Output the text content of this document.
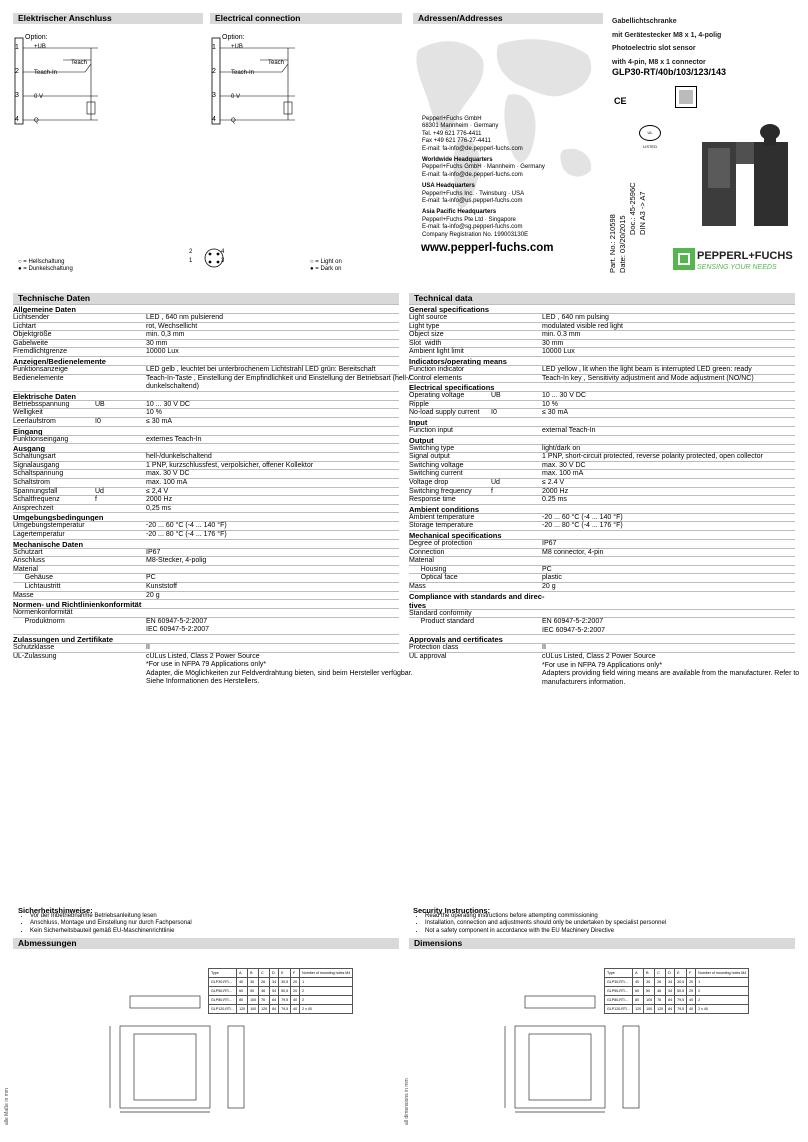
Elektrischer Anschluss	Electrical connection	Adressen/Addresses
Option:
1
2
3
4
+UB
Teach-In
0 V
Q
Teach
Option:
1
2
3
4
+UB
Teach-In
0 V
Q
Teach
○ = Hellschaltung
● = Dunkelschaltung
○ = Light on
● = Dark on
2
1
4
3
Pepperl+Fuchs GmbH
68301 Mannheim · Germany
Tel. +49 621 776-4411
Fax +49 621 776-27-4411
E-mail: fa-info@de.pepperl-fuchs.com
Worldwide Headquarters
Pepperl+Fuchs GmbH · Mannheim · Germany
E-mail: fa-info@de.pepperl-fuchs.com
USA Headquarters
Pepperl+Fuchs Inc. · Twinsburg · USA
E-mail: fa-info@us.pepperl-fuchs.com
Asia Pacific Headquarters
Pepperl+Fuchs Pte Ltd · Singapore
E-mail: fa-info@sg.pepperl-fuchs.com
Company Registration No. 199003130E
www.pepperl-fuchs.com
Gabellichtschranke
mit Gerätestecker M8 x 1, 4-polig
Photoelectric slot sensor
with 4-pin, M8 x 1 connector
GLP30-RT/40b/103/123/143
CE
UL LISTED
Part. No.: 210598
Date: 03/20/2015 Doc.: 45-2596C
DIN A3 -> A7
PEPPERL+FUCHS
SENSING YOUR NEEDS
Technische Daten	Technical data
Allgemeine Daten
Lichtsender	LED , 640 nm pulsierend
Lichtart	rot, Wechsellicht
Objektgröße	min. 0,3 mm
Gabelweite	30 mm
Fremdlichtgrenze	10000 Lux
Anzeigen/Bedienelemente
Funktionsanzeige	LED gelb , leuchtet bei unterbrochenem Lichtstrahl LED grün: Bereitschaft
Bedienelemente	Teach-In-Taste , Einstellung der Empfindlichkeit und Einstellung der Betriebsart (hell-/
dunkelschaltend)
Elektrische Daten
Betriebsspannung	UB	10 ... 30 V DC
Welligkeit	10 %
Leerlaufstrom	I0	≤ 30 mA
Eingang
Funktionseingang	externes Teach-In
Ausgang
Schaltungsart	hell-/dunkelschaltend
Signalausgang	1 PNP, kurzschlussfest, verpolsicher, offener Kollektor
Schaltspannung	max. 30 V DC
Schaltstrom	max. 100 mA
Spannungsfall	Ud	≤ 2,4 V
Schaltfrequenz	f	2000 Hz
Ansprechzeit	0,25 ms
Umgebungsbedingungen
Umgebungstemperatur	-20 ... 60 °C (-4 ... 140 °F)
Lagertemperatur	-20 ... 80 °C (-4 ... 176 °F)
Mechanische Daten
Schutzart	IP67
Anschluss	M8-Stecker, 4-polig
Material
Gehäuse	PC
Lichtaustritt	Kunststoff
Masse	20 g
Normen- und Richtlinienkonformität
Normenkonformität
Produktnorm	EN 60947-5-2:2007
IEC 60947-5-2:2007
Zulassungen und Zertifikate
Schutzklasse	II
UL-Zulassung	cULus Listed, Class 2 Power Source
*For use in NFPA 79 Applications only*
Adapter, die Möglichkeiten zur Feldverdrahtung bieten, sind beim Hersteller verfügbar.
Siehe Informationen des Herstellers.
General specifications
Light source	LED , 640 nm pulsing
Light type	modulated visible red light
Object size	min. 0.3 mm
Slot  width	30 mm
Ambient light limit	10000 Lux
Indicators/operating means
Function indicator	LED yellow , lit when the light beam is interrupted LED green: ready
Control elements	Teach-In key , Sensitivity adjustment and Mode adjustment (NO/NC)
Electrical specifications
Operating voltage	UB	10 ... 30 V DC
Ripple	10 %
No-load supply current I0	≤ 30 mA
Input
Function input	external Teach-In
Output
Switching type	light/dark on
Signal output	1 PNP, short-circuit protected, reverse polarity protected, open collector
Switching voltage	max. 30 V DC
Switching current	max. 100 mA
Voltage drop	Ud	≤ 2.4 V
Switching frequency	f	2000 Hz
Response time	0.25 ms
Ambient conditions
Ambient temperature	-20 ... 60 °C (-4 ... 140 °F)
Storage temperature	-20 ... 80 °C (-4 ... 176 °F)
Mechanical specifications
Degree of protection	IP67
Connection	M8 connector, 4-pin
Material
Housing	PC
Optical face	plastic
Mass	20 g
Compliance with standards and direc-
tives
Standard conformity
Product standard	EN 60947-5-2:2007
IEC 60947-5-2:2007
Approvals and certificates
Protection class	II
UL approval	cULus Listed, Class 2 Power Source
*For use in NFPA 79 Applications only*
Adapters providing field wiring means are available from the manufacturer. Refer to
manufacturers information.
Sicherheitshinweise:
• Vor der Inbetriebnahme Betriebsanleitung lesen
• Anschluss, Montage und Einstellung nur durch Fachpersonal
• Kein Sicherheitsbauteil gemäß EU-Maschinenrichtlinie
Security Instructions:
• Read the operating instructions before attempting commissioning
• Installation, connection and adjustments should only be undertaken by specialist personnel
• Not a safety component in accordance with the EU Machinery Directive
Abmessungen	Dimensions
alle Maße in mm	all dimensions in mm
Type	A	B	C	D	E	F	Number of mounting holes M4
GLP30-RT/...	40	30	26	34	30,5	20	1
GLP50-RT/...	60	50	46	54	50,5	20	2
GLP80-RT/...	80	100	76	84	79,5	40	2
GLP120-RT/...	120	100	120	84	79,5	40	2 x 40
Type	A	B	C	D	E	F	Number of mounting holes M4
GLP30-RT/...	40	30	26	34	30,5	20	1
GLP50-RT/...	60	50	46	54	50,5	20	2
GLP80-RT/...	80	100	76	84	79,5	40	2
GLP120-RT/...	120	100	120	84	79,5	40	2 x 40
